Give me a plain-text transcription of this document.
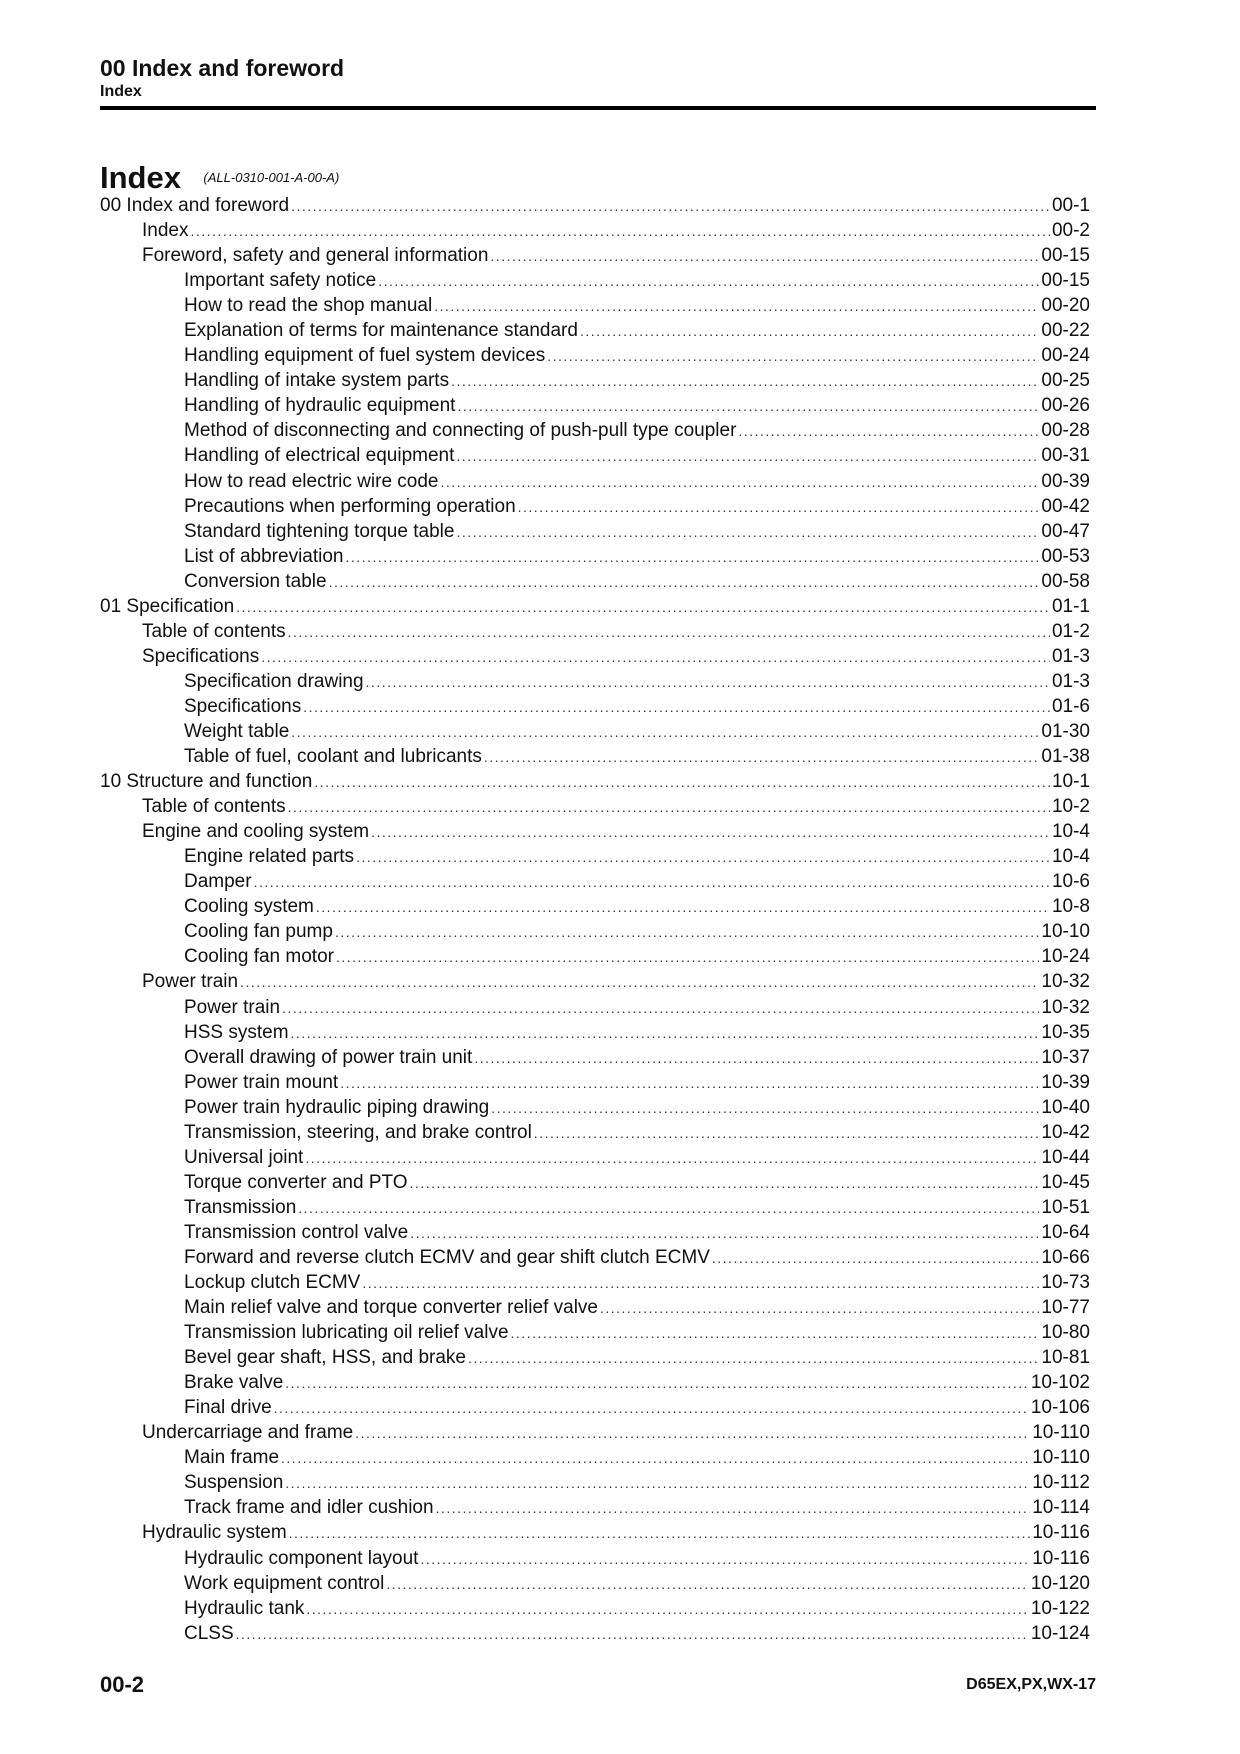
00 Index and foreword
Index
Index $^{(ALL-0310-001-A-00-A)}$
00 Index and foreword .....	00-1
Index .....	00-2
Foreword, safety and general information .....	00-15
Important safety notice .....	00-15
How to read the shop manual .....	00-20
Explanation of terms for maintenance standard .....	00-22
Handling equipment of fuel system devices .....	00-24
Handling of intake system parts .....	00-25
Handling of hydraulic equipment .....	00-26
Method of disconnecting and connecting of push-pull type coupler .....	00-28
Handling of electrical equipment .....	00-31
How to read electric wire code .....	00-39
Precautions when performing operation .....	00-42
Standard tightening torque table .....	00-47
List of abbreviation .....	00-53
Conversion table .....	00-58
01 Specification .....	01-1
Table of contents .....	01-2
Specifications .....	01-3
Specification drawing .....	01-3
Specifications .....	01-6
Weight table .....	01-30
Table of fuel, coolant and lubricants .....	01-38
10 Structure and function .....	10-1
Table of contents .....	10-2
Engine and cooling system .....	10-4
Engine related parts .....	10-4
Damper .....	10-6
Cooling system .....	10-8
Cooling fan pump .....	10-10
Cooling fan motor .....	10-24
Power train .....	10-32
Power train .....	10-32
HSS system .....	10-35
Overall drawing of power train unit .....	10-37
Power train mount .....	10-39
Power train hydraulic piping drawing .....	10-40
Transmission, steering, and brake control .....	10-42
Universal joint .....	10-44
Torque converter and PTO .....	10-45
Transmission .....	10-51
Transmission control valve .....	10-64
Forward and reverse clutch ECMV and gear shift clutch ECMV .....	10-66
Lockup clutch ECMV .....	10-73
Main relief valve and torque converter relief valve .....	10-77
Transmission lubricating oil relief valve .....	10-80
Bevel gear shaft, HSS, and brake .....	10-81
Brake valve .....	10-102
Final drive .....	10-106
Undercarriage and frame .....	10-110
Main frame .....	10-110
Suspension .....	10-112
Track frame and idler cushion .....	10-114
Hydraulic system .....	10-116
Hydraulic component layout .....	10-116
Work equipment control .....	10-120
Hydraulic tank .....	10-122
CLSS .....	10-124
00-2	D65EX,PX,WX-17
